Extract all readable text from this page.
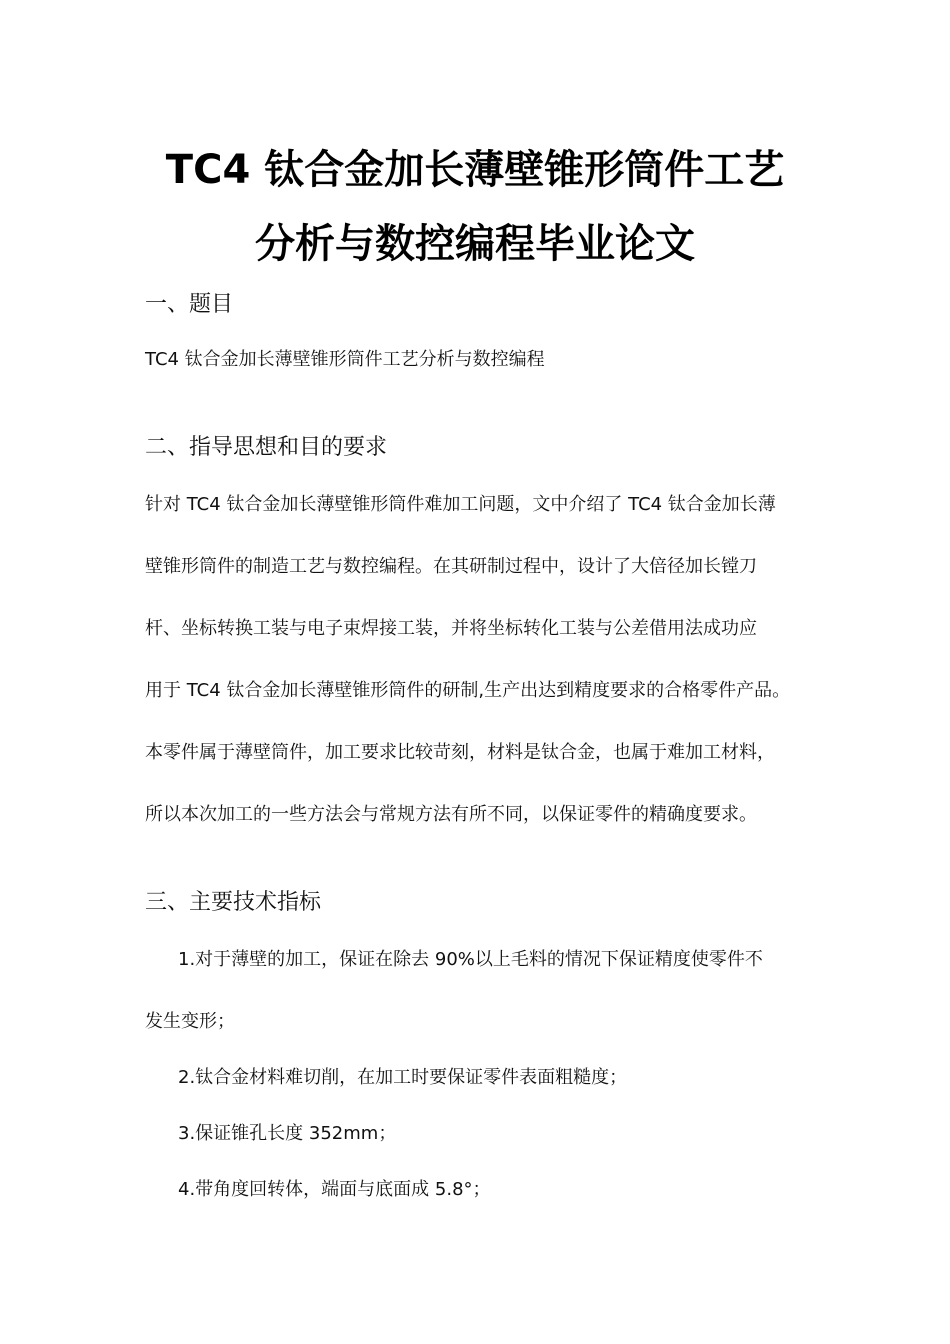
TC4 钛合金加长薄壁锥形筒件工艺
分析与数控编程毕业论文
一、题目
TC4 钛合金加长薄壁锥形筒件工艺分析与数控编程
二、指导思想和目的要求
针对 TC4 钛合金加长薄壁锥形筒件难加工问题，文中介绍了 TC4 钛合金加长薄
壁锥形筒件的制造工艺与数控编程。在其研制过程中，设计了大倍径加长镗刀
杆、坐标转换工装与电子束焊接工装，并将坐标转化工装与公差借用法成功应
用于 TC4 钛合金加长薄壁锥形筒件的研制,生产出达到精度要求的合格零件产品。
本零件属于薄壁筒件，加工要求比较苛刻，材料是钛合金，也属于难加工材料，
所以本次加工的一些方法会与常规方法有所不同，以保证零件的精确度要求。
三、主要技术指标
1.对于薄壁的加工，保证在除去 90%以上毛料的情况下保证精度使零件不
发生变形；
2.钛合金材料难切削，在加工时要保证零件表面粗糙度；
3.保证锥孔长度 352mm；
4.带角度回转体，端面与底面成 5.8°；
